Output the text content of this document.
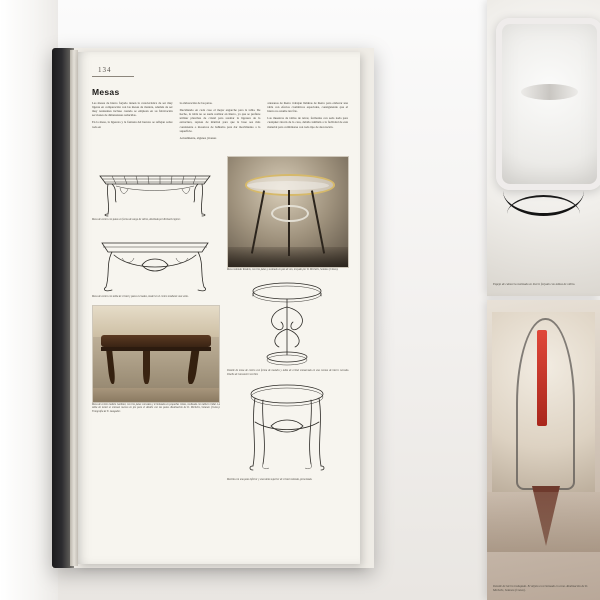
134
Mesas

Las mesas de hierro forjado tienen la característica de ser muy ligeras en comparación con las mesas de madera, además de ser muy resistentes incluso cuando se emplean en su fabricación secciones de dimensiones reducidas.

En la mesa, la ligereza y la fantasía del herrero se reflejan sobre todo en

la elaboración de las patas.

Decidiendo en cada caso el mejor engarche para la tabla. De hecho, la tabla no se suela realizar en hierro, ya que se prefiere utilizar planchas de cristal para resaltar la ligereza de la estructura, repisas de mármol para que la base sea más consistente o mosaicos de bañismo para dar movimiento a la superficie.

Actualmente, algunos jóvenes

artesanos de hierro trabajan láminas de hierro para elaborar una tabla con efectos cromáticos especiales, consiguiendo que el hierro no resulte tan frío.

Las muestras de tablas de nácar, formadas con seda nada para cualquier rincón de la casa, debido también a la facilidad de esta material para combinarse con toda tipo de decoración.

Mesa de centro con patas en forma de sarga de vidrio, diseñada por Richard Lignier.
Mesa de centro con tabla de cristal y patas curvadas, model en el centro mediante una volta.
Mesa de centro modelo Gaillant, con tres patas curvadas y terminadas en pequeñas cintas, realizada con tablero iridal. La tabla de metal se enlosan nuevos en pie para el detalle con las patas. Realización de D. Michelis, Solanzo (Cuneo). Fotografía de E. Anagador.
Mesa redonda Tandem, con tres patas y acabado en pan de oro, traçado por D. Michelis, Solanzo (Cúneo).
Detalle de mesa de centro con forma de mandra y tabla de cristal enmarcada en una corona de hierro curvado. Diseño de Giovanni Cecchini.
Mesilla con una pata inferior y una tabla superior de cristal redonda, presentada.
Espejo de cabecera realizado en hierro forjado con tablas de vidrio.
Detalle de hierro trabajado. El objeto es terminado en cono. Realización de D. Michelis, Solanzo (Cuneo).
